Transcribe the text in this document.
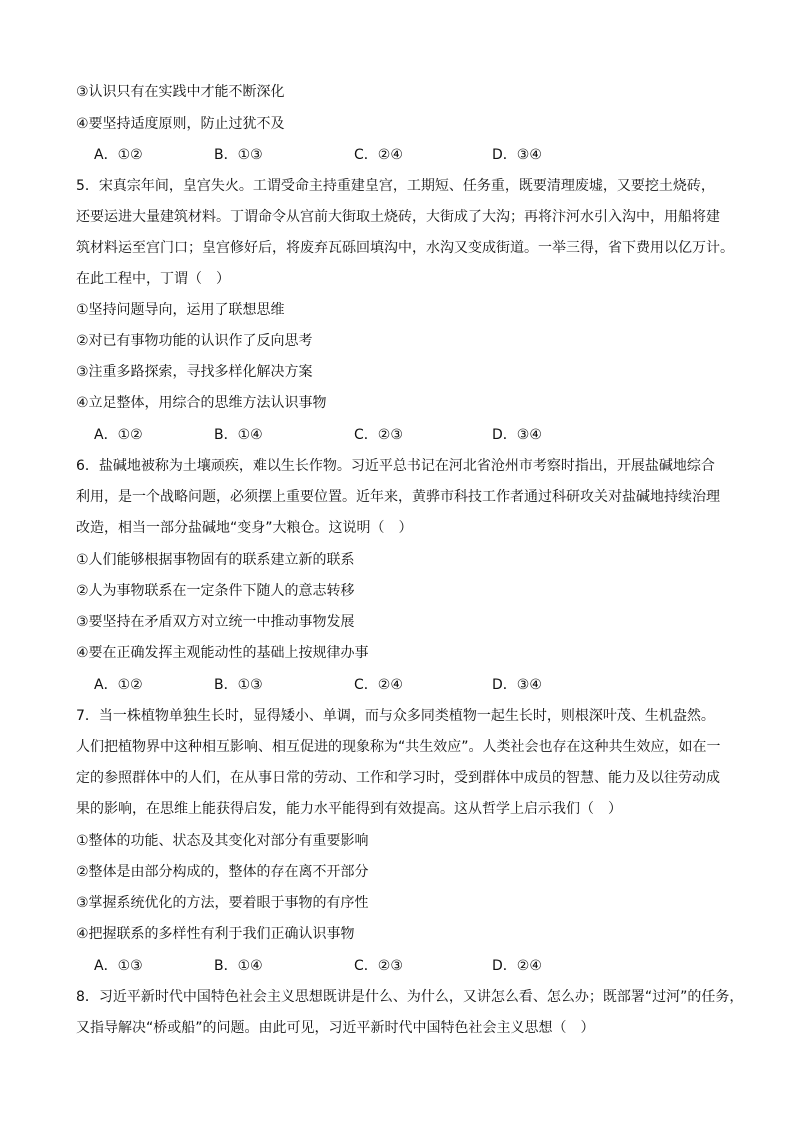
③认识只有在实践中才能不断深化
④要坚持适度原则，防止过犹不及
A．①②	B．①③	C．②④	D．③④
5．宋真宗年间，皇宫失火。工谓受命主持重建皇宫，工期短、任务重，既要清理废墟，又要挖土烧砖，
还要运进大量建筑材料。丁谓命令从宫前大街取土烧砖，大街成了大沟；再将汴河水引入沟中，用船将建
筑材料运至宫门口；皇宫修好后，将废弃瓦砾回填沟中，水沟又变成街道。一举三得，省下费用以亿万计。
在此工程中，丁谓（　）
①坚持问题导向，运用了联想思维
②对已有事物功能的认识作了反向思考
③注重多路探索，寻找多样化解决方案
④立足整体，用综合的思维方法认识事物
A．①②	B．①④	C．②③	D．③④
6．盐碱地被称为土壤顽疾，难以生长作物。习近平总书记在河北省沧州市考察时指出，开展盐碱地综合
利用，是一个战略问题，必须摆上重要位置。近年来，黄骅市科技工作者通过科研攻关对盐碱地持续治理
改造，相当一部分盐碱地“变身”大粮仓。这说明（　）
①人们能够根据事物固有的联系建立新的联系
②人为事物联系在一定条件下随人的意志转移
③要坚持在矛盾双方对立统一中推动事物发展
④要在正确发挥主观能动性的基础上按规律办事
A．①②	B．①③	C．②④	D．③④
7．当一株植物单独生长时，显得矮小、单调，而与众多同类植物一起生长时，则根深叶茂、生机盎然。
人们把植物界中这种相互影响、相互促进的现象称为“共生效应”。人类社会也存在这种共生效应，如在一
定的参照群体中的人们，在从事日常的劳动、工作和学习时，受到群体中成员的智慧、能力及以往劳动成
果的影响，在思维上能获得启发，能力水平能得到有效提高。这从哲学上启示我们（　）
①整体的功能、状态及其变化对部分有重要影响
②整体是由部分构成的，整体的存在离不开部分
③掌握系统优化的方法，要着眼于事物的有序性
④把握联系的多样性有利于我们正确认识事物
A．①③	B．①④	C．②③	D．②④
8．习近平新时代中国特色社会主义思想既讲是什么、为什么，又讲怎么看、怎么办；既部署“过河”的任务，
又指导解决“桥或船”的问题。由此可见，习近平新时代中国特色社会主义思想（　）
